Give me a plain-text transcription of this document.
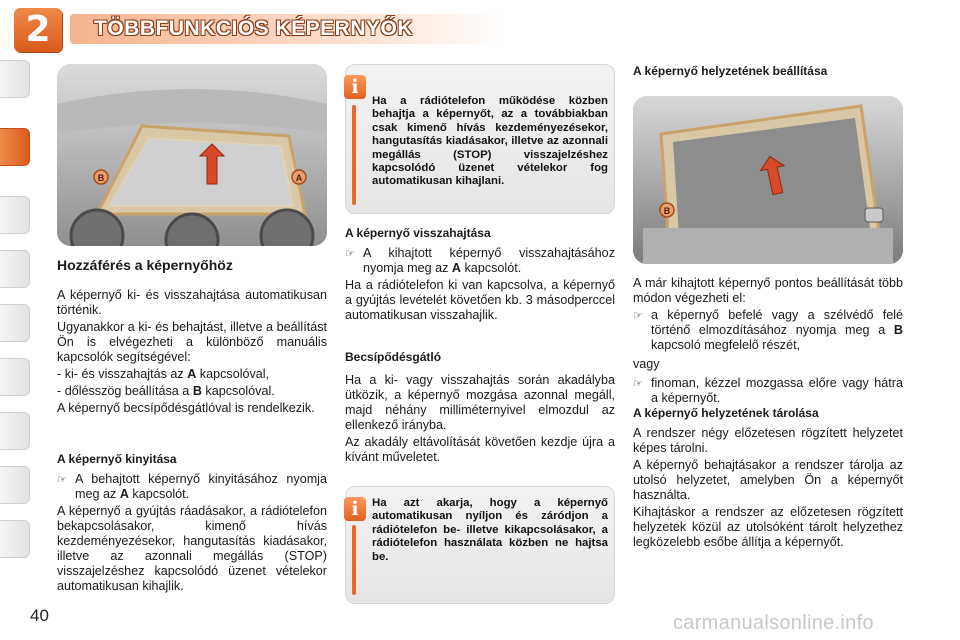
2	TÖBBFUNKCIÓS KÉPERNYŐK
B	A
Hozzáférés a képernyőhöz

A képernyő ki- és visszahajtása automatikusan történik.

Ugyanakkor a ki- és behajtást, illetve a beállítást Ön is elvégezheti a különböző manuális kapcsolók segítségével:

- ki- és visszahajtás az A kapcsolóval,

- dőlésszög beállítása a B kapcsolóval.

A képernyő becsípődésgátlóval is rendelkezik.

A képernyő kinyitása

☞ A behajtott képernyő kinyitásához nyomja meg az A kapcsolót.

A képernyő a gyújtás ráadásakor, a rádiótelefon bekapcsolásakor, kimenő hívás kezdeményezésekor, hangutasítás kiadásakor, illetve az azonnali megállás (STOP) visszajelzéshez kapcsolódó üzenet vételekor automatikusan kihajlik.

i
Ha a rádiótelefon működése közben behajtja a képernyőt, az a továbbiakban csak kimenő hívás kezdeményezésekor, hangutasítás kiadásakor, illetve az azonnali megállás (STOP) visszajelzéshez kapcsolódó üzenet vételekor fog automatikusan kihajlani.
A képernyő visszahajtása

☞ A kihajtott képernyő visszahajtásához nyomja meg az A kapcsolót.

Ha a rádiótelefon ki van kapcsolva, a képernyő a gyújtás levételét követően kb. 3 másodperccel automatikusan visszahajlik.

Becsípődésgátló

Ha a ki- vagy visszahajtás során akadályba ütközik, a képernyő mozgása azonnal megáll, majd néhány milliméternyivel elmozdul az ellenkező irányba.

Az akadály eltávolítását követően kezdje újra a kívánt műveletet.

i	Ha azt akarja, hogy a képernyő automatikusan nyíljon és záródjon a rádiótelefon be- illetve kikapcsolásakor, a rádiótelefon használata közben ne hajtsa be.
A képernyő helyzetének beállítása
B

A már kihajtott képernyő pontos beállítását több módon végezheti el:

☞ a képernyő befelé vagy a szélvédő felé történő elmozdításához nyomja meg a B kapcsoló megfelelő részét,

vagy

☞ finoman, kézzel mozgassa előre vagy hátra a képernyőt.

A képernyő helyzetének tárolása

A rendszer négy előzetesen rögzített helyzetet képes tárolni.

A képernyő behajtásakor a rendszer tárolja az utolsó helyzetet, amelyben Ön a képernyőt használta.

Kihajtáskor a rendszer az előzetesen rögzített helyzetek közül az utolsóként tárolt helyzethez legközelebb esőbe állítja a képernyőt.

40	carmanualsonline.info
